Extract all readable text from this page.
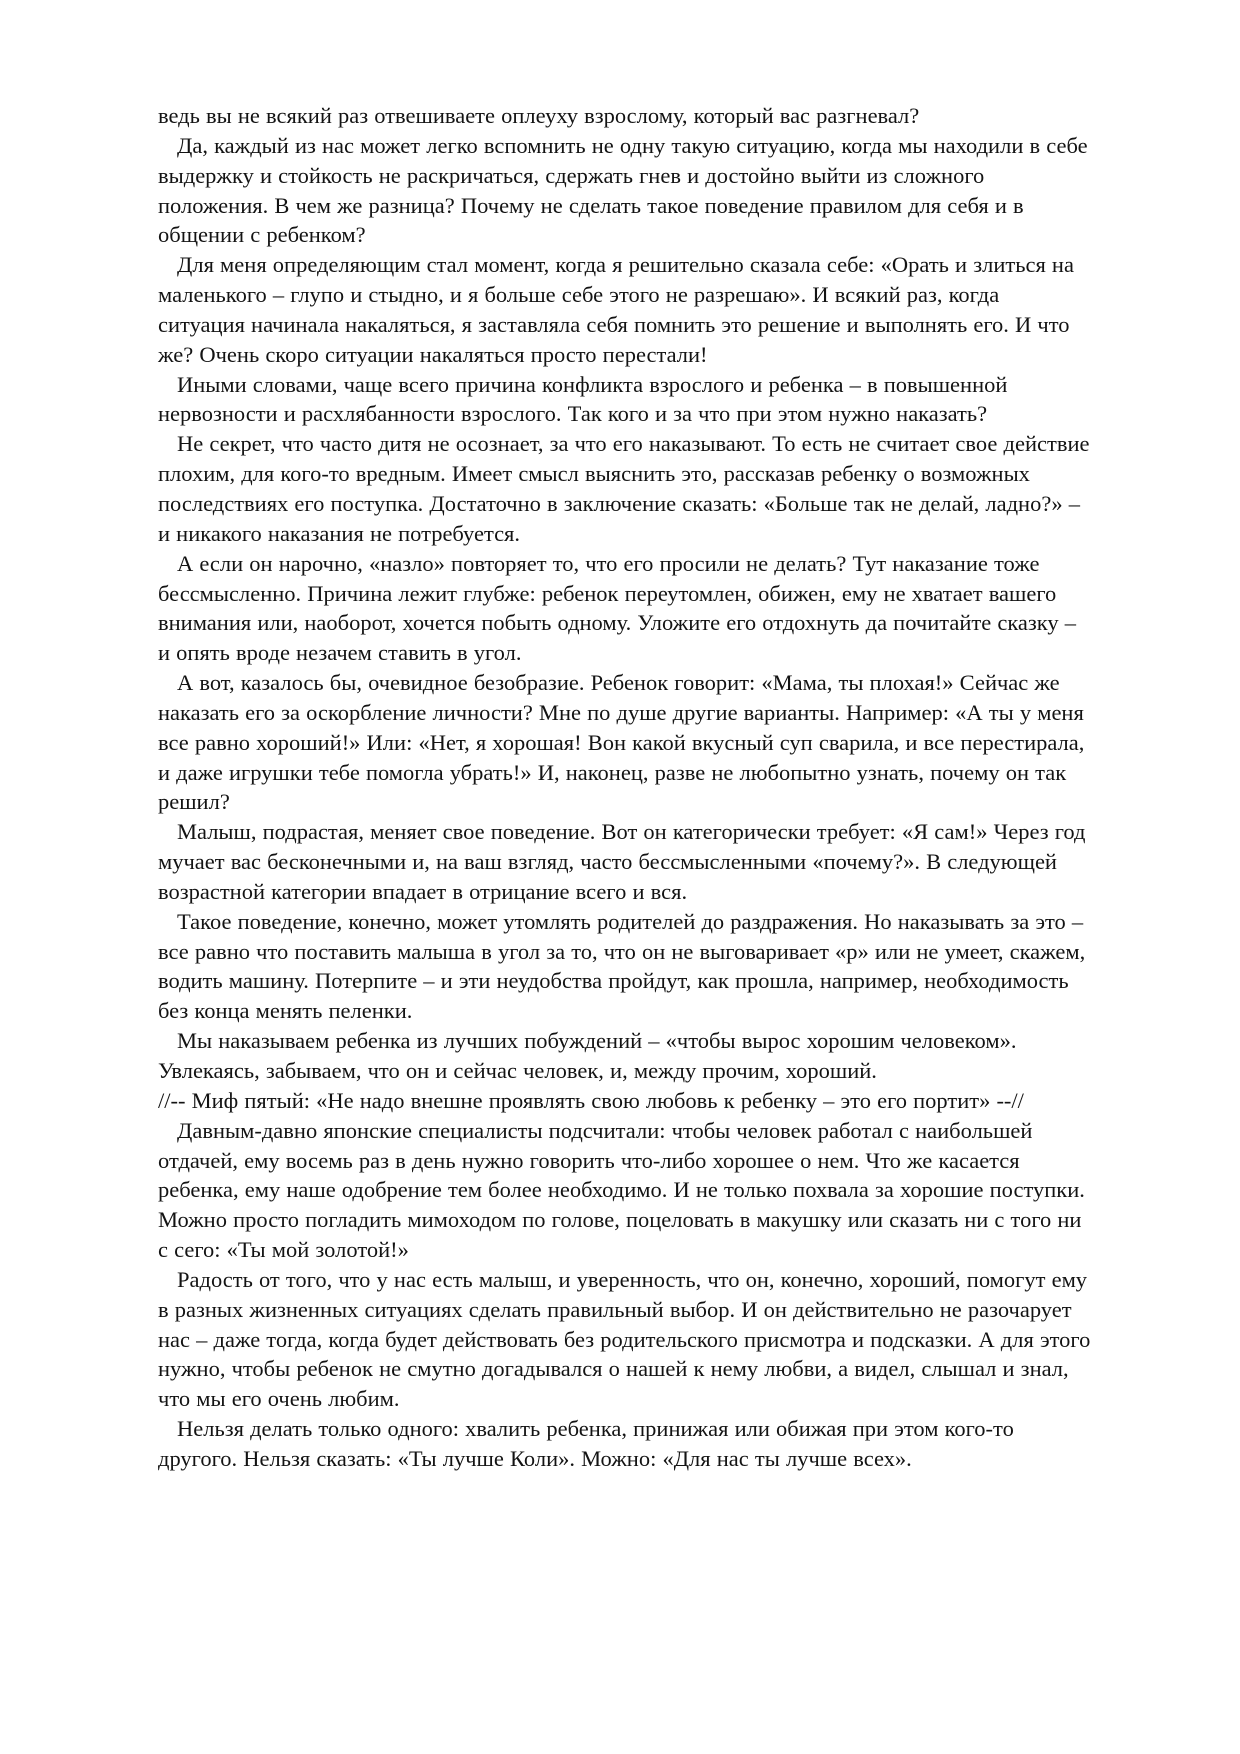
ведь вы не всякий раз отвешиваете оплеуху взрослому, который вас разгневал?

Да, каждый из нас может легко вспомнить не одну такую ситуацию, когда мы находили в себе выдержку и стойкость не раскричаться, сдержать гнев и достойно выйти из сложного положения. В чем же разница? Почему не сделать такое поведение правилом для себя и в общении с ребенком?

Для меня определяющим стал момент, когда я решительно сказала себе: «Орать и злиться на маленького – глупо и стыдно, и я больше себе этого не разрешаю». И всякий раз, когда ситуация начинала накаляться, я заставляла себя помнить это решение и выполнять его. И что же? Очень скоро ситуации накаляться просто перестали!

Иными словами, чаще всего причина конфликта взрослого и ребенка – в повышенной нервозности и расхлябанности взрослого. Так кого и за что при этом нужно наказать?

Не секрет, что часто дитя не осознает, за что его наказывают. То есть не считает свое действие плохим, для кого-то вредным. Имеет смысл выяснить это, рассказав ребенку о возможных последствиях его поступка. Достаточно в заключение сказать: «Больше так не делай, ладно?» – и никакого наказания не потребуется.

А если он нарочно, «назло» повторяет то, что его просили не делать? Тут наказание тоже бессмысленно. Причина лежит глубже: ребенок переутомлен, обижен, ему не хватает вашего внимания или, наоборот, хочется побыть одному. Уложите его отдохнуть да почитайте сказку – и опять вроде незачем ставить в угол.

А вот, казалось бы, очевидное безобразие. Ребенок говорит: «Мама, ты плохая!» Сейчас же наказать его за оскорбление личности? Мне по душе другие варианты. Например: «А ты у меня все равно хороший!» Или: «Нет, я хорошая! Вон какой вкусный суп сварила, и все перестирала, и даже игрушки тебе помогла убрать!» И, наконец, разве не любопытно узнать, почему он так решил?

Малыш, подрастая, меняет свое поведение. Вот он категорически требует: «Я сам!» Через год мучает вас бесконечными и, на ваш взгляд, часто бессмысленными «почему?». В следующей возрастной категории впадает в отрицание всего и вся.

Такое поведение, конечно, может утомлять родителей до раздражения. Но наказывать за это – все равно что поставить малыша в угол за то, что он не выговаривает «р» или не умеет, скажем, водить машину. Потерпите – и эти неудобства пройдут, как прошла, например, необходимость без конца менять пеленки.

Мы наказываем ребенка из лучших побуждений – «чтобы вырос хорошим человеком». Увлекаясь, забываем, что он и сейчас человек, и, между прочим, хороший.

//-- Миф пятый: «Не надо внешне проявлять свою любовь к ребенку – это его портит» --//

Давным-давно японские специалисты подсчитали: чтобы человек работал с наибольшей отдачей, ему восемь раз в день нужно говорить что-либо хорошее о нем. Что же касается ребенка, ему наше одобрение тем более необходимо. И не только похвала за хорошие поступки. Можно просто погладить мимоходом по голове, поцеловать в макушку или сказать ни с того ни с сего: «Ты мой золотой!»

Радость от того, что у нас есть малыш, и уверенность, что он, конечно, хороший, помогут ему в разных жизненных ситуациях сделать правильный выбор. И он действительно не разочарует нас – даже тогда, когда будет действовать без родительского присмотра и подсказки. А для этого нужно, чтобы ребенок не смутно догадывался о нашей к нему любви, а видел, слышал и знал, что мы его очень любим.

Нельзя делать только одного: хвалить ребенка, принижая или обижая при этом кого-то другого. Нельзя сказать: «Ты лучше Коли». Можно: «Для нас ты лучше всех».
